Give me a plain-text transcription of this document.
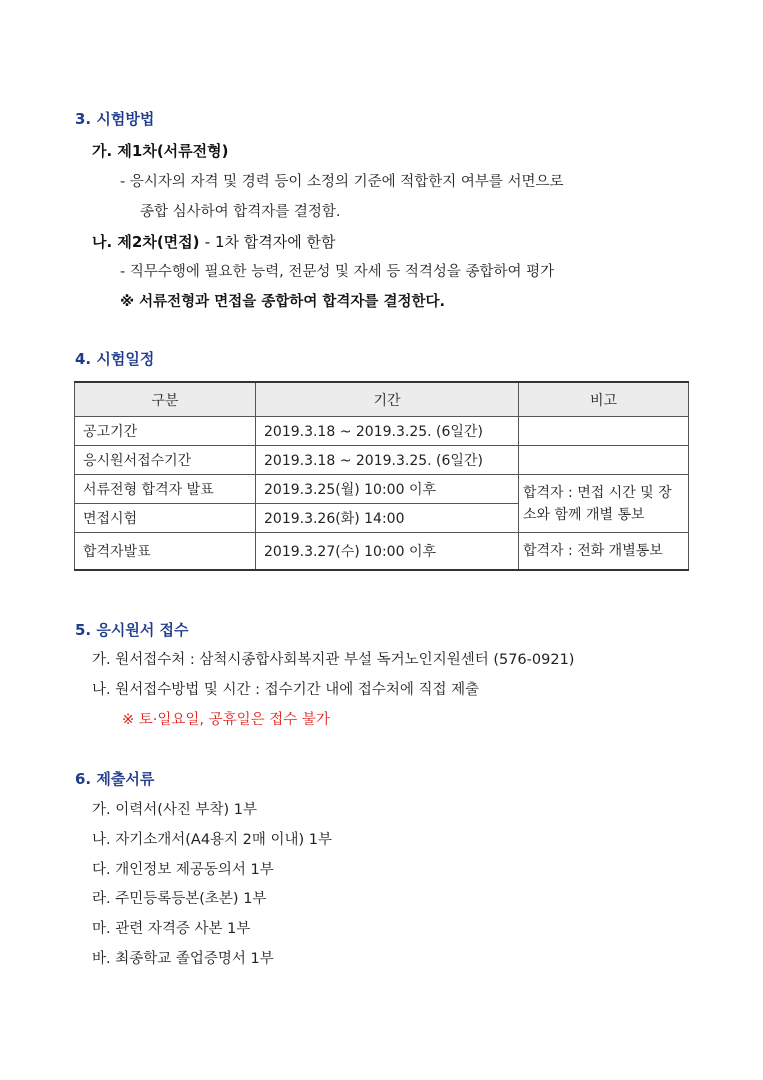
3. 시험방법
가. 제1차(서류전형)
- 응시자의 자격 및 경력 등이 소정의 기준에 적합한지 여부를 서면으로
종합 심사하여 합격자를 결정함.
나. 제2차(면접) - 1차 합격자에 한함
- 직무수행에 필요한 능력, 전문성 및 자세 등 적격성을 종합하여 평가
※ 서류전형과 면접을 종합하여 합격자를 결정한다.
4. 시험일정
구분	기간	비고
공고기간	2019.3.18 ~ 2019.3.25. (6일간)	
응시원서접수기간	2019.3.18 ~ 2019.3.25. (6일간)	
서류전형 합격자 발표	2019.3.25(월) 10:00 이후	합격자 : 면접 시간 및 장소와 함께 개별 통보
면접시험	2019.3.26(화) 14:00	
합격자발표	2019.3.27(수) 10:00 이후	합격자 : 전화 개별통보
5. 응시원서 접수
가. 원서접수처 : 삼척시종합사회복지관 부설 독거노인지원센터 (576-0921)
나. 원서접수방법 및 시간 : 접수기간 내에 접수처에 직접 제출
※ 토·일요일, 공휴일은 접수 불가
6. 제출서류
가. 이력서(사진 부착) 1부
나. 자기소개서(A4용지 2매 이내) 1부
다. 개인정보 제공동의서 1부
라. 주민등록등본(초본) 1부
마. 관련 자격증 사본 1부
바. 최종학교 졸업증명서 1부
